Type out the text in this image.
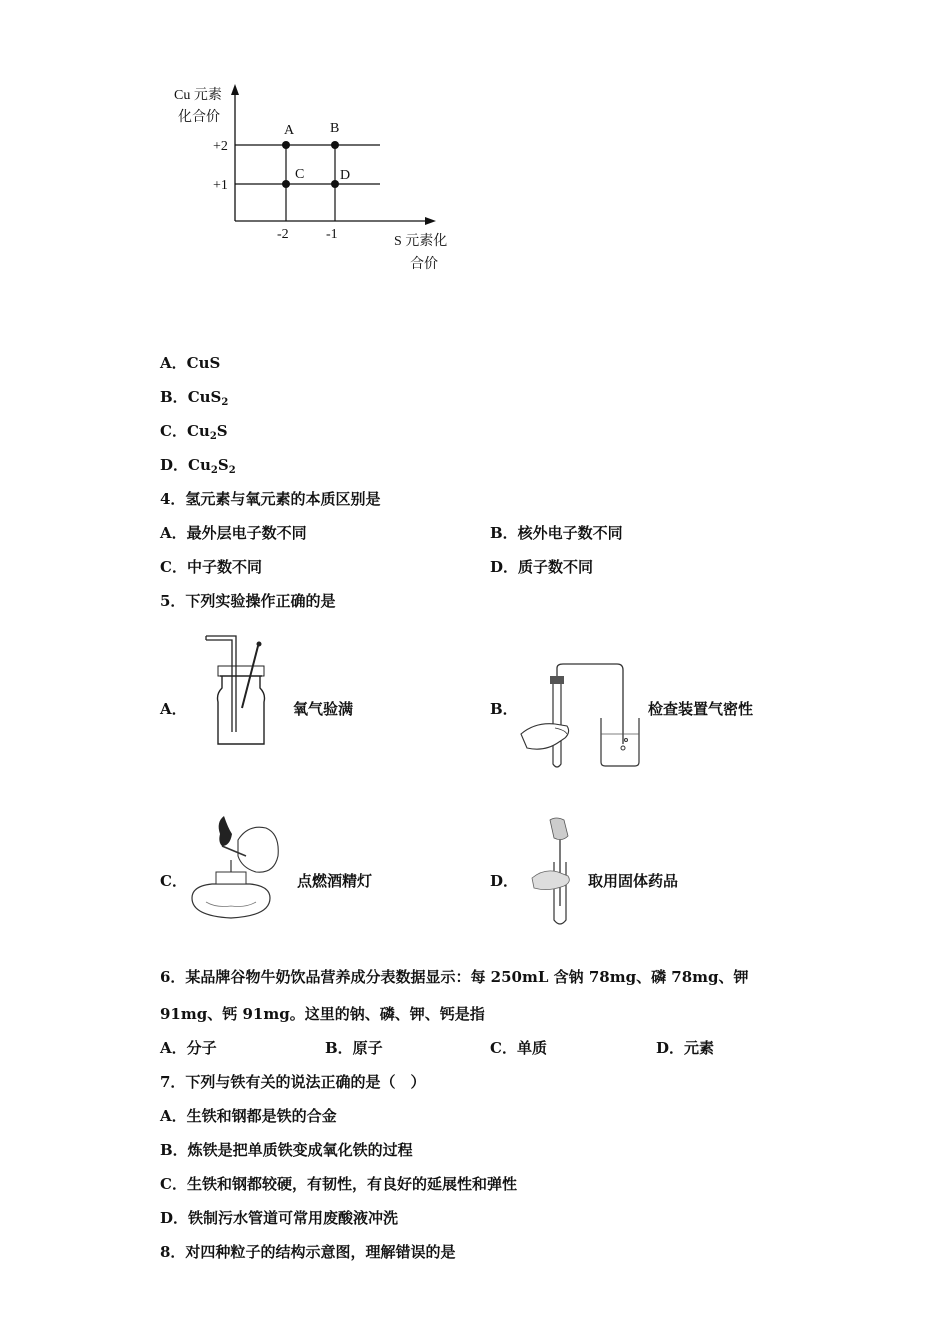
Cu 元素
化合价
S 元素化
合价
+2
+1
-2	-1
A	B
C	D
A．CuS
B．CuS$_2$
C．$Cu_2S$
D．$Cu_2S_2$
4．氢元素与氧元素的本质区别是
A．最外层电子数不同	B．核外电子数不同
C．中子数不同	D．质子数不同
5．下列实验操作正确的是
A．	氧气验满	B．	检查装置气密性
C．	点燃酒精灯	D．	取用固体药品
6．某品牌谷物牛奶饮品营养成分表数据显示：每 250mL 含钠 78mg、磷 78mg、钾
91mg、钙 91mg。这里的钠、磷、钾、钙是指
A．分子	B．原子	C．单质	D．元素
7．下列与铁有关的说法正确的是（　）
A．生铁和钢都是铁的合金
B．炼铁是把单质铁变成氧化铁的过程
C．生铁和钢都较硬，有韧性，有良好的延展性和弹性
D．铁制污水管道可常用废酸液冲洗
8．对四种粒子的结构示意图，理解错误的是
